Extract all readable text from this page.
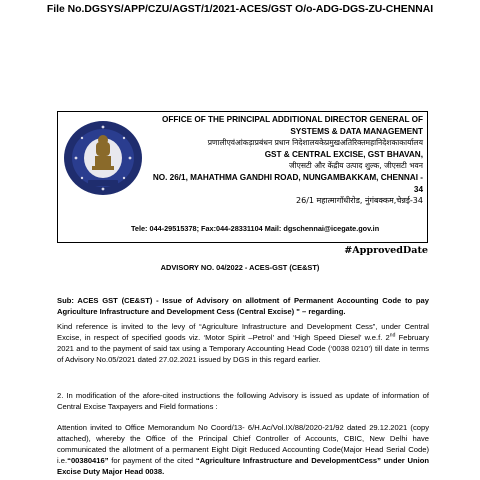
File No.DGSYS/APP/CZU/AGST/1/2021-ACES/GST O/o-ADG-DGS-ZU-CHENNAI
OFFICE OF THE PRINCIPAL ADDITIONAL DIRECTOR GENERAL OF
SYSTEMS & DATA MANAGEMENT
प्रणालीएवंआंकड़ाप्रबंधन प्रधान निदेशालयकेप्रमुखअतिरिक्तमहानिदेशकाकार्यालय
GST & CENTRAL EXCISE, GST BHAVAN,
जीएसटी और केंद्रीय उत्पाद शुल्क, जीएसटी भवन
NO. 26/1, MAHATHMA GANDHI ROAD, NUNGAMBAKKAM, CHENNAI -
34
26/1 महात्मागाँधीरोड, नुंगंबक्कम,चेन्नई-34
Tele: 044-29515378; Fax:044-28331104 Mail: dgschennai@icegate.gov.in
#ApprovedDate
ADVISORY NO. 04/2022 - ACES-GST (CE&ST)
Sub: ACES GST (CE&ST) - Issue of Advisory on allotment of Permanent Accounting Code to pay Agriculture Infrastructure and Development Cess (Central Excise) " – regarding.
Kind reference is invited to the levy of “Agriculture Infrastructure and Development Cess”, under Central Excise, in respect of specified goods viz. ‘Motor Spirit –Petrol’ and ‘High Speed Diesel’ w.e.f. 2nd February 2021 and to the payment of said tax using a Temporary Accounting Head Code (‘0038 0210’) till date in terms of Advisory No.05/2021 dated 27.02.2021 issued by DGS in this regard earlier.
2. In modification of the afore-cited instructions the following Advisory is issued as update of information of Central Excise Taxpayers and Field formations :
Attention invited to Office Memorandum No Coord/13- 6/H.Ac/Vol.IX/88/2020-21/92 dated 29.12.2021 (copy attached), whereby the Office of the Principal Chief Controller of Accounts, CBIC, New Delhi have communicated the allotment of a permanent Eight Digit Reduced Accounting Code(Major Head Serial Code) i.e.“00380416” for payment of the cited “Agriculture Infrastructure and DevelopmentCess” under Union Excise Duty Major Head 0038.
